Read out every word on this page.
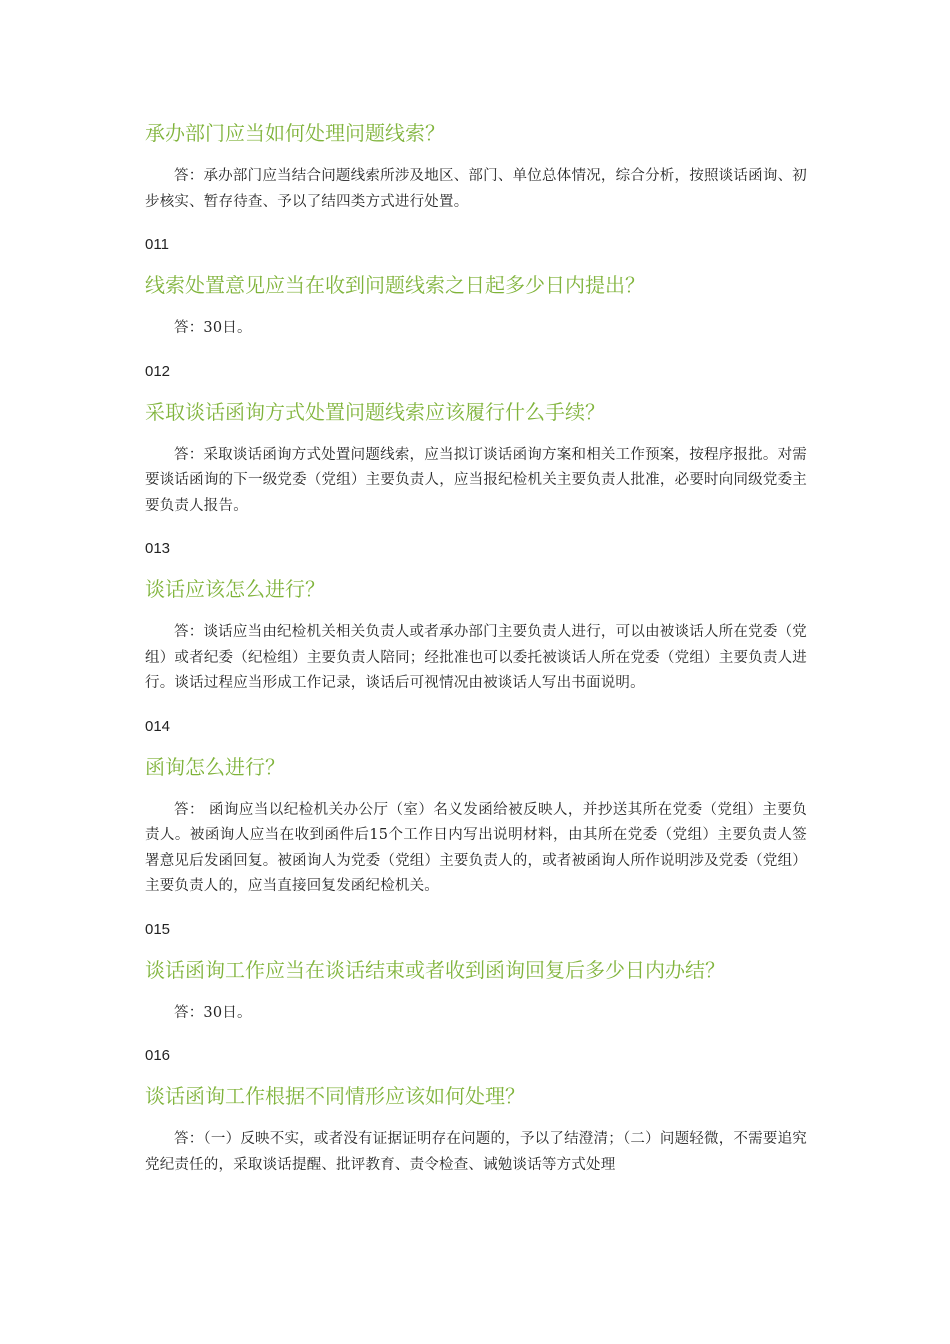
承办部门应当如何处理问题线索？

答：承办部门应当结合问题线索所涉及地区、部门、单位总体情况，综合分析，按照谈话函询、初步核实、暂存待查、予以了结四类方式进行处置。

011
线索处置意见应当在收到问题线索之日起多少日内提出？

答：30日。

012
采取谈话函询方式处置问题线索应该履行什么手续？

答：采取谈话函询方式处置问题线索，应当拟订谈话函询方案和相关工作预案，按程序报批。对需要谈话函询的下一级党委（党组）主要负责人，应当报纪检机关主要负责人批准，必要时向同级党委主要负责人报告。

013
谈话应该怎么进行？

答：谈话应当由纪检机关相关负责人或者承办部门主要负责人进行，可以由被谈话人所在党委（党组）或者纪委（纪检组）主要负责人陪同；经批准也可以委托被谈话人所在党委（党组）主要负责人进行。谈话过程应当形成工作记录，谈话后可视情况由被谈话人写出书面说明。

014
函询怎么进行？

答： 函询应当以纪检机关办公厅（室）名义发函给被反映人，并抄送其所在党委（党组）主要负责人。被函询人应当在收到函件后15个工作日内写出说明材料，由其所在党委（党组）主要负责人签署意见后发函回复。被函询人为党委（党组）主要负责人的，或者被函询人所作说明涉及党委（党组）主要负责人的，应当直接回复发函纪检机关。

015
谈话函询工作应当在谈话结束或者收到函询回复后多少日内办结？

答：30日。

016
谈话函询工作根据不同情形应该如何处理？

答：（一）反映不实，或者没有证据证明存在问题的，予以了结澄清；（二）问题轻微，不需要追究党纪责任的，采取谈话提醒、批评教育、责令检查、诫勉谈话等方式处理
